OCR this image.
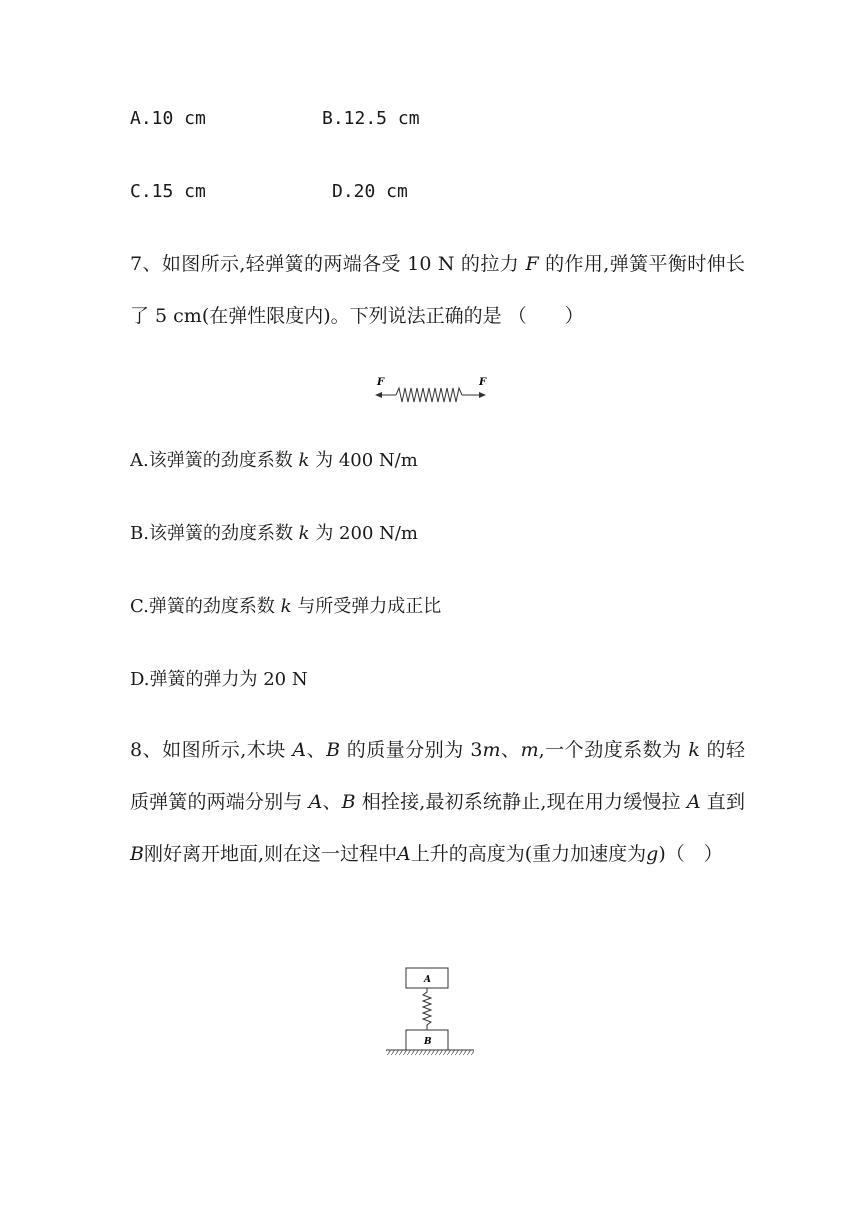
A.10 cm	B.12.5 cm
C.15 cm	D.20 cm
7、如图所示,轻弹簧的两端各受 10 N 的拉力 F 的作用,弹簧平衡时伸长了 5 cm(在弹性限度内)。下列说法正确的是 （　　）
F	F
A.该弹簧的劲度系数 k 为 400 N/m
B.该弹簧的劲度系数 k 为 200 N/m
C.弹簧的劲度系数 k 与所受弹力成正比
D.弹簧的弹力为 20 N
8、如图所示,木块 A、B 的质量分别为 3m、m,一个劲度系数为 k 的轻质弹簧的两端分别与 A、B 相拴接,最初系统静止,现在用力缓慢拉 A 直到B刚好离开地面,则在这一过程中A上升的高度为(重力加速度为g)（　）
A
B
